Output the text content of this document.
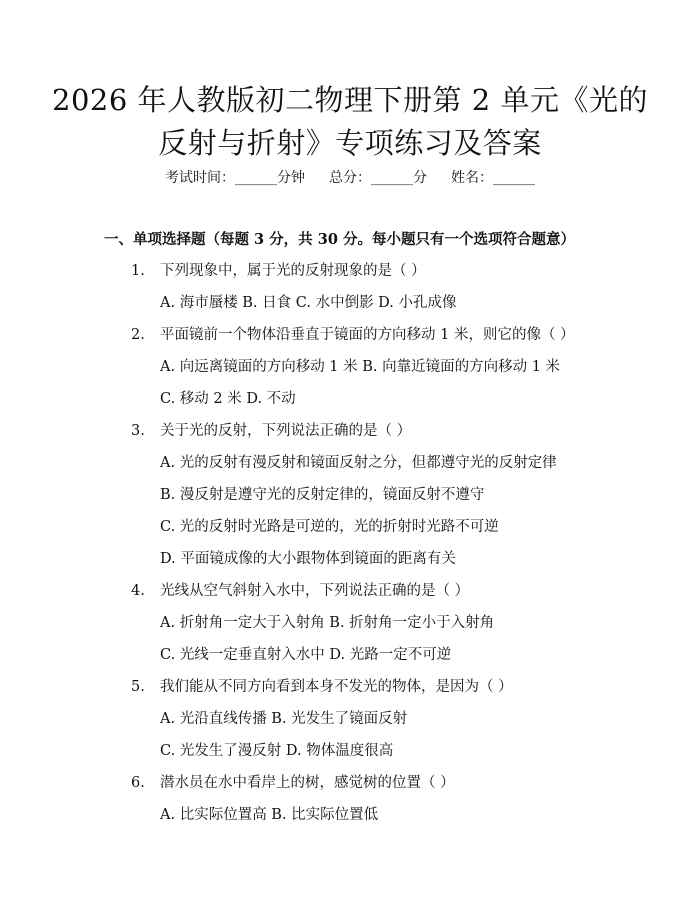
2026 年人教版初二物理下册第 2 单元《光的
反射与折射》专项练习及答案
考试时间：______分钟 总分：______分 姓名：______
一、单项选择题（每题 3 分，共 30 分。每小题只有一个选项符合题意）
1. 下列现象中，属于光的反射现象的是（ ）
A. 海市蜃楼 B. 日食 C. 水中倒影 D. 小孔成像
2. 平面镜前一个物体沿垂直于镜面的方向移动 1 米，则它的像（ ）
A. 向远离镜面的方向移动 1 米 B. 向靠近镜面的方向移动 1 米
C. 移动 2 米 D. 不动
3. 关于光的反射，下列说法正确的是（ ）
A. 光的反射有漫反射和镜面反射之分，但都遵守光的反射定律
B. 漫反射是遵守光的反射定律的，镜面反射不遵守
C. 光的反射时光路是可逆的，光的折射时光路不可逆
D. 平面镜成像的大小跟物体到镜面的距离有关
4. 光线从空气斜射入水中，下列说法正确的是（ ）
A. 折射角一定大于入射角 B. 折射角一定小于入射角
C. 光线一定垂直射入水中 D. 光路一定不可逆
5. 我们能从不同方向看到本身不发光的物体，是因为（ ）
A. 光沿直线传播 B. 光发生了镜面反射
C. 光发生了漫反射 D. 物体温度很高
6. 潜水员在水中看岸上的树，感觉树的位置（ ）
A. 比实际位置高 B. 比实际位置低
